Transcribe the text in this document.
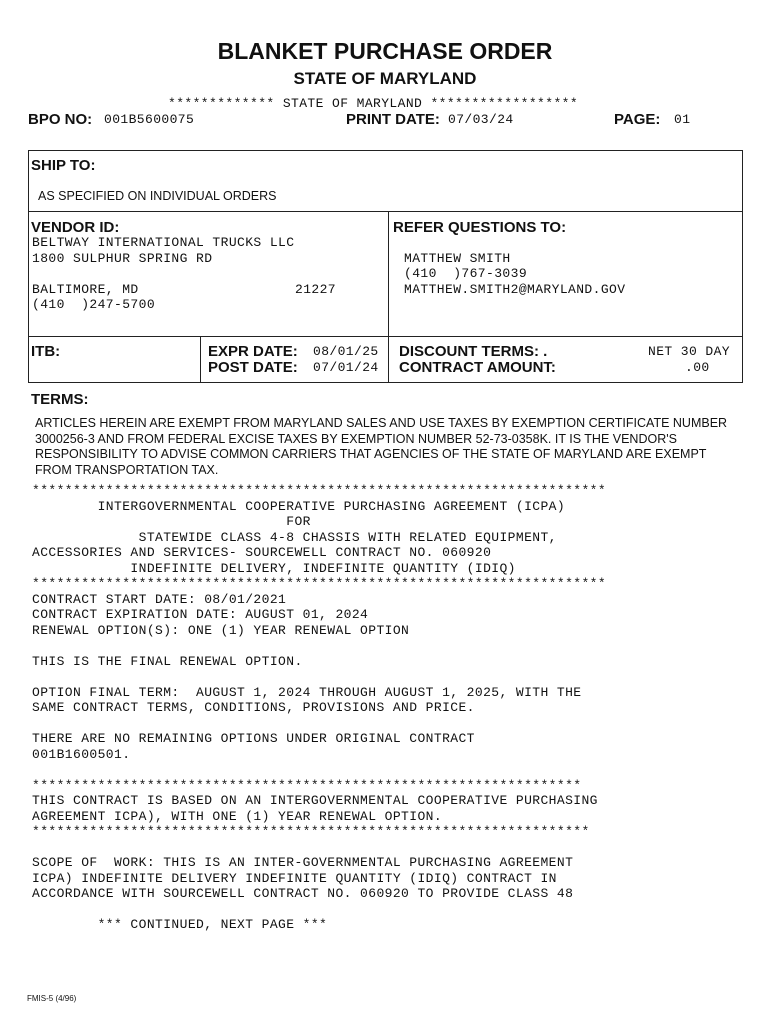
BLANKET PURCHASE ORDER
STATE OF MARYLAND
************* STATE OF MARYLAND ******************
BPO NO: 001B5600075	PRINT DATE: 07/03/24	PAGE: 01
SHIP TO:
AS SPECIFIED ON INDIVIDUAL ORDERS
VENDOR ID:
BELTWAY INTERNATIONAL TRUCKS LLC
1800 SULPHUR SPRING RD
BALTIMORE, MD	21227
(410  )247-5700
REFER QUESTIONS TO:
MATTHEW SMITH
(410  )767-3039
MATTHEW.SMITH2@MARYLAND.GOV
ITB:	EXPR DATE: 08/01/25
POST DATE: 07/01/24
DISCOUNT TERMS: .	NET 30 DAY
CONTRACT AMOUNT:	.00
TERMS:
ARTICLES HEREIN ARE EXEMPT FROM MARYLAND SALES AND USE TAXES BY EXEMPTION CERTIFICATE NUMBER 3000256-3 AND FROM FEDERAL EXCISE TAXES BY EXEMPTION NUMBER 52-73-0358K. IT IS THE VENDOR'S RESPONSIBILITY TO ADVISE COMMON CARRIERS THAT AGENCIES OF THE STATE OF MARYLAND ARE EXEMPT FROM TRANSPORTATION TAX.
**********************************************************************
INTERGOVERNMENTAL COOPERATIVE PURCHASING AGREEMENT (ICPA)
FOR
STATEWIDE CLASS 4-8 CHASSIS WITH RELATED EQUIPMENT,
ACCESSORIES AND SERVICES- SOURCEWELL CONTRACT NO. 060920
INDEFINITE DELIVERY, INDEFINITE QUANTITY (IDIQ)
**********************************************************************
CONTRACT START DATE: 08/01/2021
CONTRACT EXPIRATION DATE: AUGUST 01, 2024
RENEWAL OPTION(S): ONE (1) YEAR RENEWAL OPTION

THIS IS THE FINAL RENEWAL OPTION.

OPTION FINAL TERM:  AUGUST 1, 2024 THROUGH AUGUST 1, 2025, WITH THE
SAME CONTRACT TERMS, CONDITIONS, PROVISIONS AND PRICE.

THERE ARE NO REMAINING OPTIONS UNDER ORIGINAL CONTRACT
001B1600501.

*******************************************************************
THIS CONTRACT IS BASED ON AN INTERGOVERNMENTAL COOPERATIVE PURCHASING
AGREEMENT ICPA), WITH ONE (1) YEAR RENEWAL OPTION.
********************************************************************

SCOPE OF  WORK: THIS IS AN INTER-GOVERNMENTAL PURCHASING AGREEMENT
ICPA) INDEFINITE DELIVERY INDEFINITE QUANTITY (IDIQ) CONTRACT IN
ACCORDANCE WITH SOURCEWELL CONTRACT NO. 060920 TO PROVIDE CLASS 48

*** CONTINUED, NEXT PAGE ***
FMIS-5 (4/96)
